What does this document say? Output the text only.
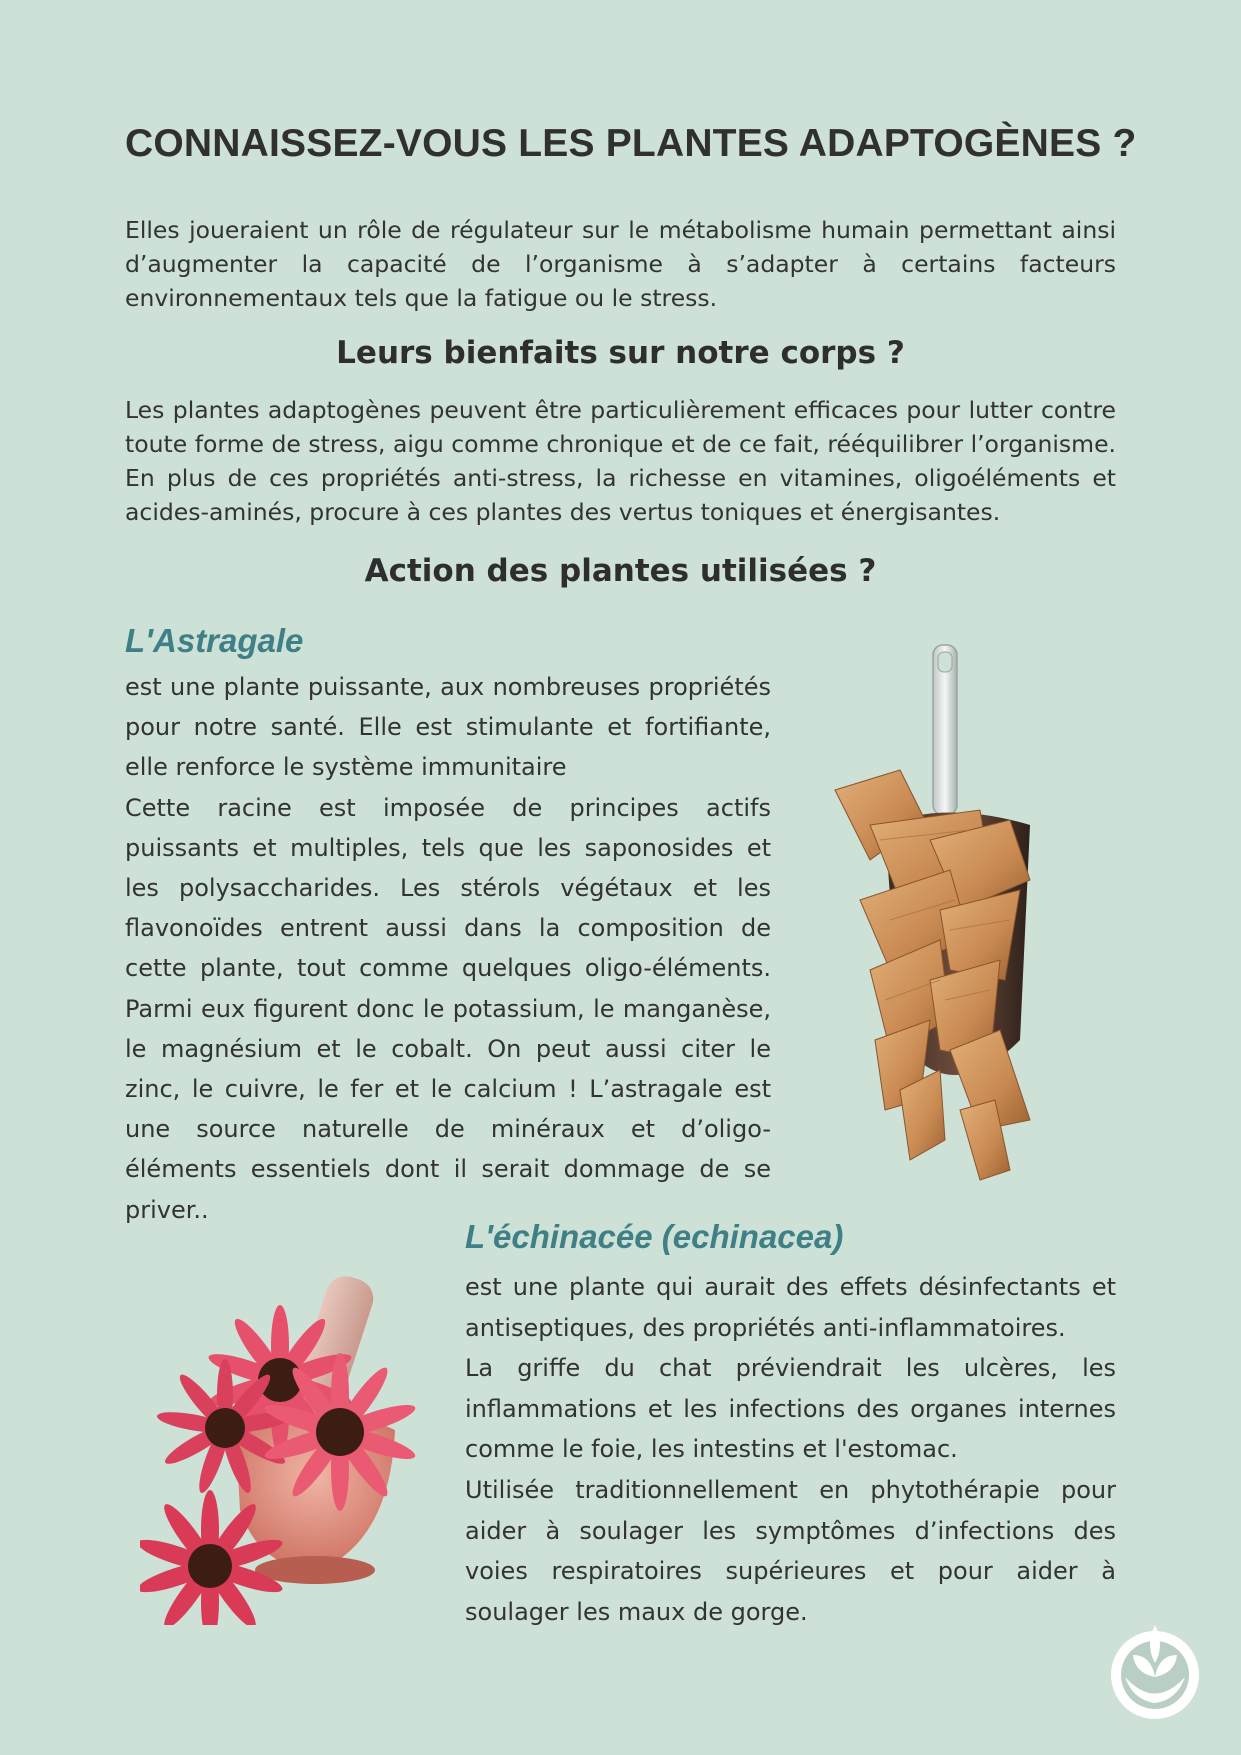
CONNAISSEZ-VOUS LES PLANTES ADAPTOGÈNES ?

Elles joueraient un rôle de régulateur sur le métabolisme humain permettant ainsi d’augmenter la capacité de l’organisme à s’adapter à certains facteurs environnementaux tels que la fatigue ou le stress.

Leurs bienfaits sur notre corps ?

Les plantes adaptogènes peuvent être particulièrement efficaces pour lutter contre toute forme de stress, aigu comme chronique et de ce fait, rééquilibrer l’organisme. En plus de ces propriétés anti-stress, la richesse en vitamines, oligoéléments et acides-aminés, procure à ces plantes des vertus toniques et énergisantes.

Action des plantes utilisées ?
L'Astragale
est une plante puissante, aux nombreuses propriétés pour notre santé. Elle est stimulante et fortifiante, elle renforce le système immunitaire
Cette racine est imposée de principes actifs puissants et multiples, tels que les saponosides et les polysaccharides. Les stérols végétaux et les flavonoïdes entrent aussi dans la composition de cette plante, tout comme quelques oligo-éléments. Parmi eux figurent donc le potassium, le manganèse, le magnésium et le cobalt. On peut aussi citer le zinc, le cuivre, le fer et le calcium ! L’astragale est une source naturelle de minéraux et d’oligo-éléments essentiels dont il serait dommage de se priver..
L'échinacée (echinacea)
est une plante qui aurait des effets désinfectants et antiseptiques, des propriétés anti-inflammatoires.
La griffe du chat préviendrait les ulcères, les inflammations et les infections des organes internes comme le foie, les intestins et l'estomac.
Utilisée traditionnellement en phytothérapie pour aider à soulager les symptômes d’infections des voies respiratoires supérieures et pour aider à soulager les maux de gorge.
